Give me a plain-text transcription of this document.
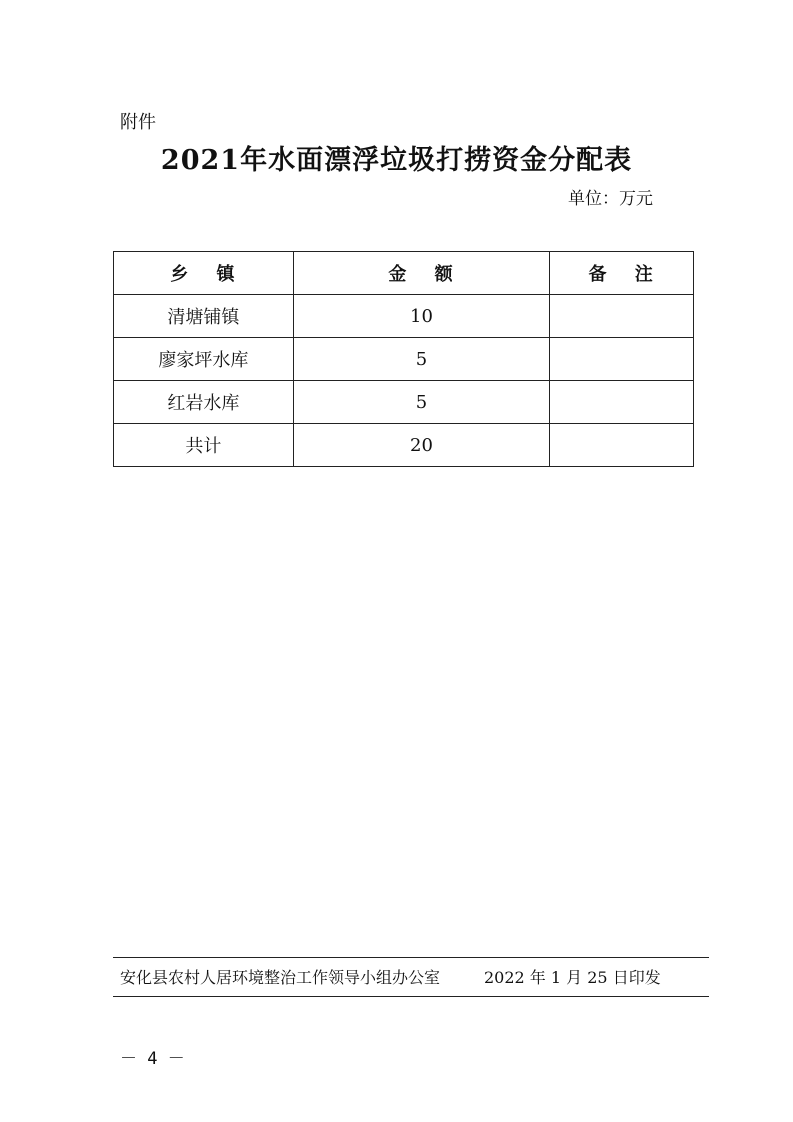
附件
2021年水面漂浮垃圾打捞资金分配表
单位：万元
乡 镇	金 额	备 注
清塘铺镇	10	
廖家坪水库	5	
红岩水库	5	
共计	20	
安化县农村人居环境整治工作领导小组办公室	2022 年 1 月 25 日印发
－ 4 －
